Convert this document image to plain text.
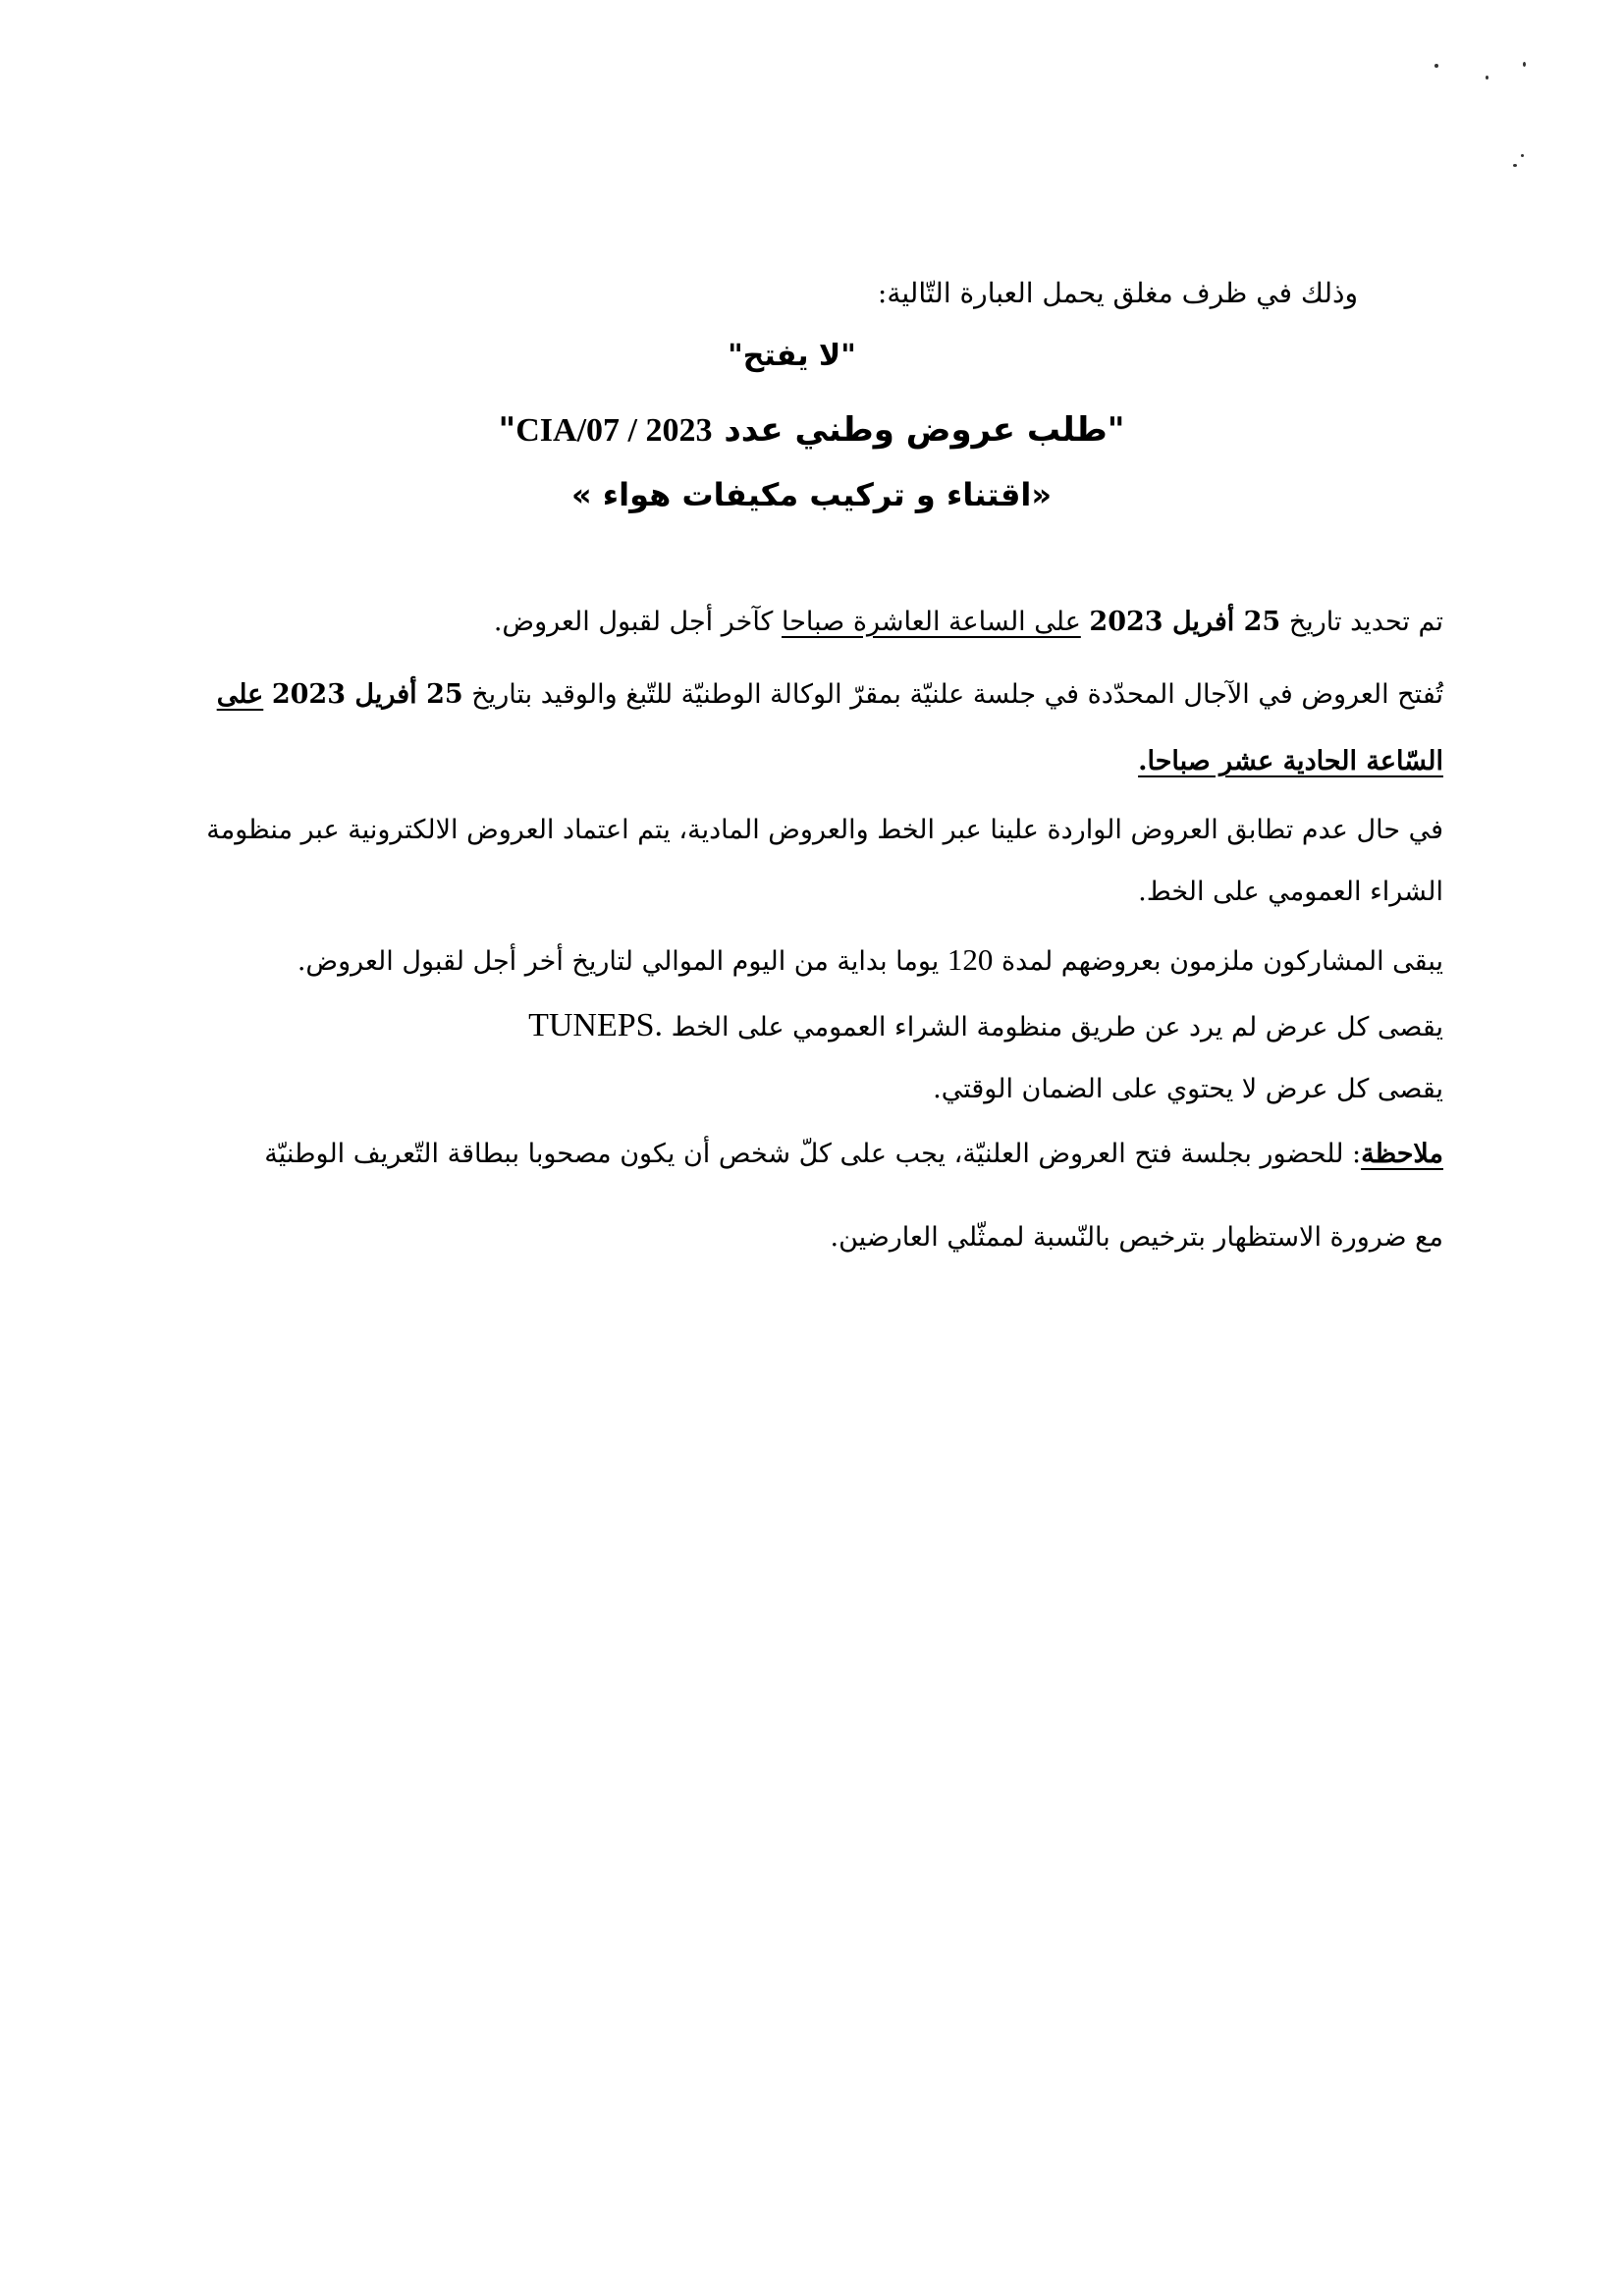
وذلك في ظرف مغلق يحمل العبارة التّالية:
"لا يفتح"
"طلب عروض وطني عدد CIA/07 / 2023"
«اقتناء و تركيب مكيفات هواء »
تم تحديد تاريخ 25 أفريل 2023 على الساعة العاشرة صباحا كآخر أجل لقبول العروض.
تُفتح العروض في الآجال المحدّدة في جلسة علنيّة بمقرّ الوكالة الوطنيّة للتّبغ والوقيد بتاريخ 25 أفريل 2023 على
السّاعة الحادية عشر صباحا.
في حال عدم تطابق العروض الواردة علينا عبر الخط والعروض المادية، يتم اعتماد العروض الالكترونية عبر منظومة
الشراء العمومي على الخط.
يبقى المشاركون ملزمون بعروضهم لمدة 120 يوما بداية من اليوم الموالي لتاريخ أخر أجل لقبول العروض.
يقصى كل عرض لم يرد عن طريق منظومة الشراء العمومي على الخط TUNEPS.
يقصى كل عرض لا يحتوي على الضمان الوقتي.
ملاحظة: للحضور بجلسة فتح العروض العلنيّة، يجب على كلّ شخص أن يكون مصحوبا ببطاقة التّعريف الوطنيّة
مع ضرورة الاستظهار بترخيص بالنّسبة لممثّلي العارضين.
